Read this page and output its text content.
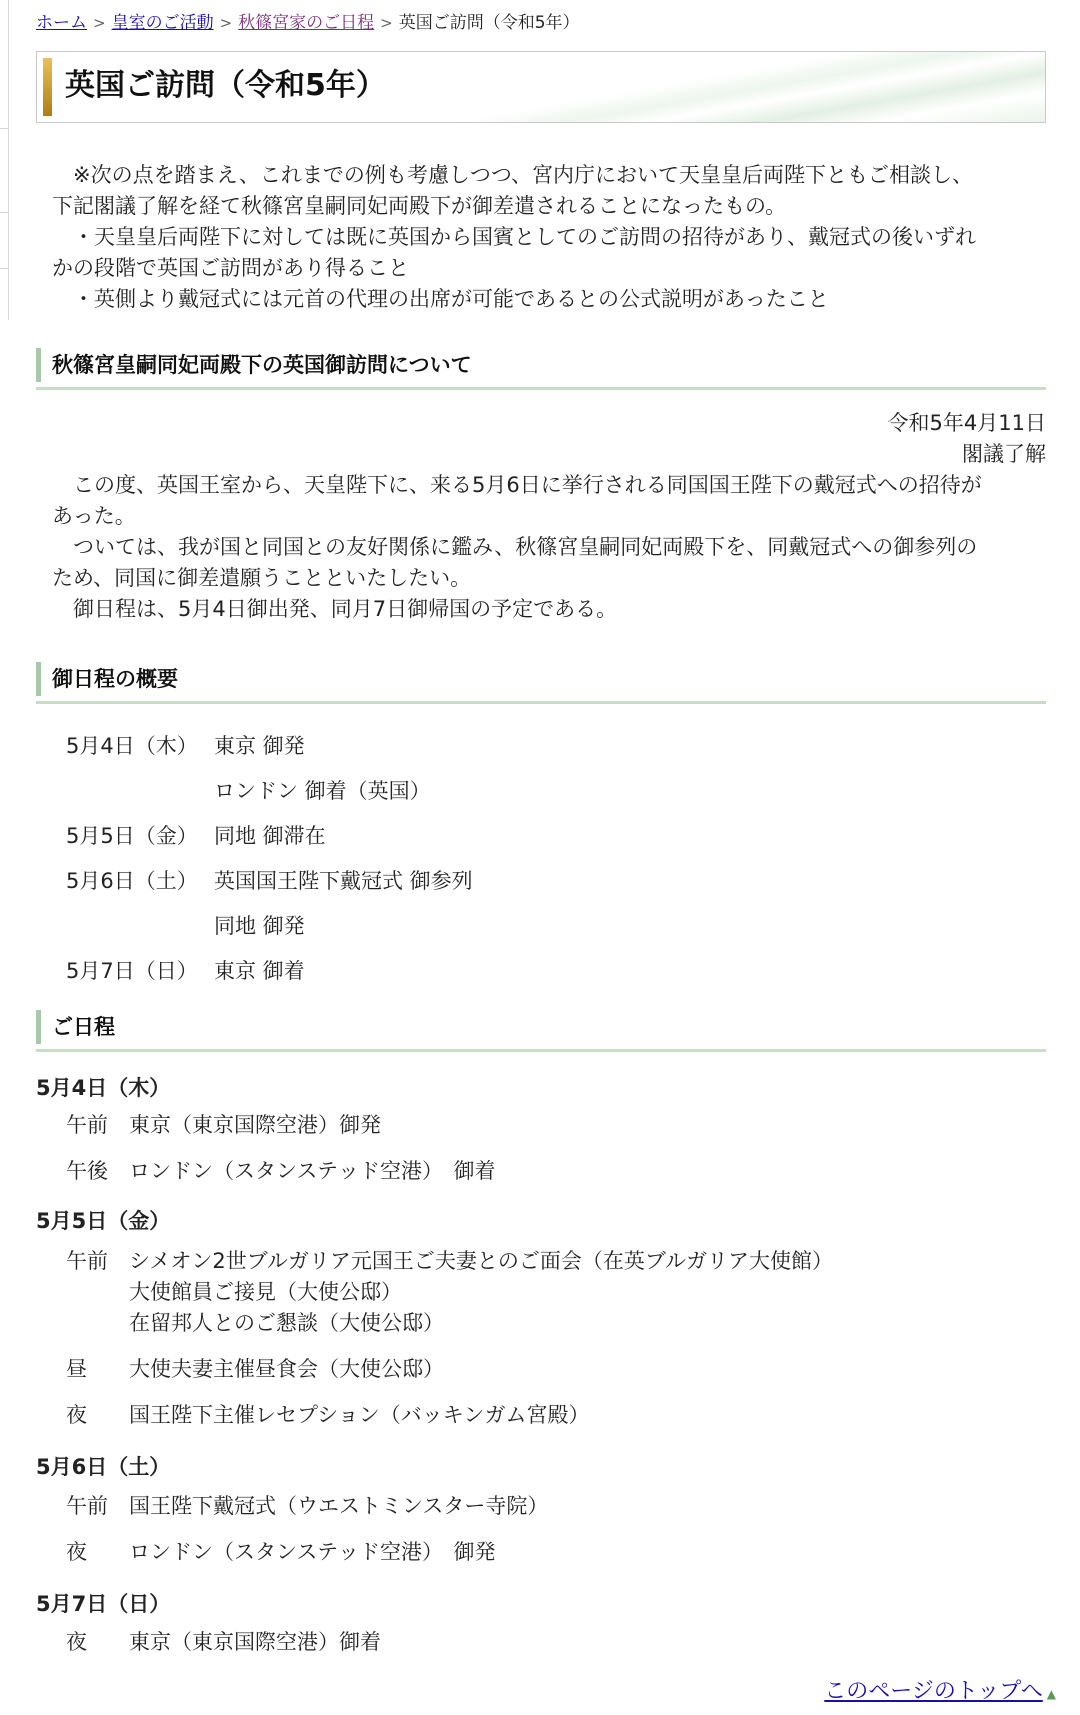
ホーム > 皇室のご活動 > 秋篠宮家のご日程 > 英国ご訪問（令和5年）
英国ご訪問（令和5年）

　※次の点を踏まえ、これまでの例も考慮しつつ、宮内庁において天皇皇后両陛下ともご相談し、

下記閣議了解を経て秋篠宮皇嗣同妃両殿下が御差遣されることになったもの。

　・天皇皇后両陛下に対しては既に英国から国賓としてのご訪問の招待があり、戴冠式の後いずれ

かの段階で英国ご訪問があり得ること

　・英側より戴冠式には元首の代理の出席が可能であるとの公式説明があったこと

秋篠宮皇嗣同妃両殿下の英国御訪問について
令和5年4月11日
閣議了解

　この度、英国王室から、天皇陛下に、来る5月6日に挙行される同国国王陛下の戴冠式への招待が

あった。

　ついては、我が国と同国との友好関係に鑑み、秋篠宮皇嗣同妃両殿下を、同戴冠式への御参列の

ため、同国に御差遣願うことといたしたい。

　御日程は、5月4日御出発、同月7日御帰国の予定である。

御日程の概要
5月4日（木） 東京 御発
ロンドン 御着（英国）
5月5日（金） 同地 御滞在
5月6日（土） 英国国王陛下戴冠式 御参列
同地 御発
5月7日（日） 東京 御着
ご日程
5月4日（木）
午前	東京（東京国際空港）御発
午後	ロンドン（スタンステッド空港）　御着
5月5日（金）
午前	シメオン2世ブルガリア元国王ご夫妻とのご面会（在英ブルガリア大使館）
大使館員ご接見（大使公邸）
在留邦人とのご懇談（大使公邸）
昼	大使夫妻主催昼食会（大使公邸）
夜	国王陛下主催レセプション（バッキンガム宮殿）
5月6日（土）
午前	国王陛下戴冠式（ウエストミンスター寺院）
夜	ロンドン（スタンステッド空港）　御発
5月7日（日）
夜	東京（東京国際空港）御着
このページのトップへ ▲
